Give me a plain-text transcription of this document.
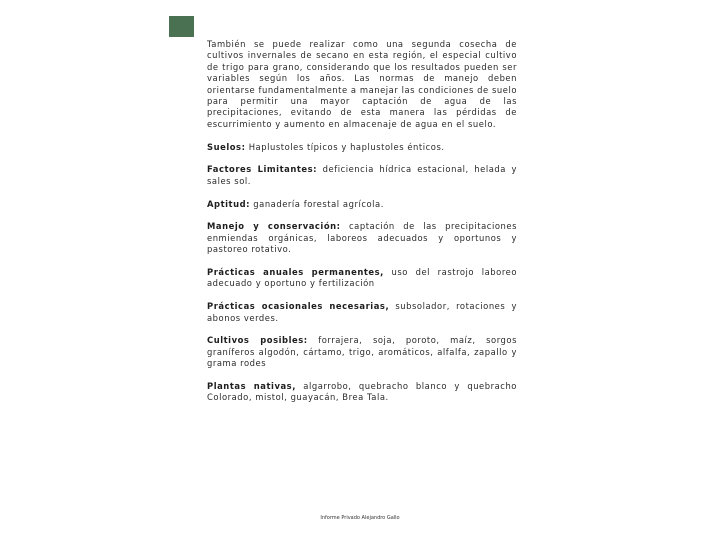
También se puede realizar como una segunda cosecha de cultivos invernales de secano en esta región, el especial cultivo de trigo para grano, considerando que los resultados pueden ser variables según los años. Las normas de manejo deben orientarse fundamentalmente a manejar las condiciones de suelo para permitir una mayor captación de agua de las precipitaciones, evitando de esta manera las pérdidas de escurrimiento y aumento en almacenaje de agua en el suelo.

Suelos: Haplustoles típicos y haplustoles énticos.

Factores Limitantes: deficiencia hídrica estacional, helada y sales sol.

Aptitud: ganadería forestal agrícola.

Manejo y conservación: captación de las precipitaciones enmiendas orgánicas, laboreos adecuados y oportunos y pastoreo rotativo.

Prácticas anuales permanentes, uso del rastrojo laboreo adecuado y oportuno y fertilización

Prácticas ocasionales necesarias, subsolador, rotaciones y abonos verdes.

Cultivos posibles: forrajera, soja, poroto, maíz, sorgos graníferos algodón, cártamo, trigo, aromáticos, alfalfa, zapallo y grama rodes

Plantas nativas, algarrobo, quebracho blanco y quebracho Colorado, mistol, guayacán, Brea Tala.

Informe Privado Alejandro Gallo
